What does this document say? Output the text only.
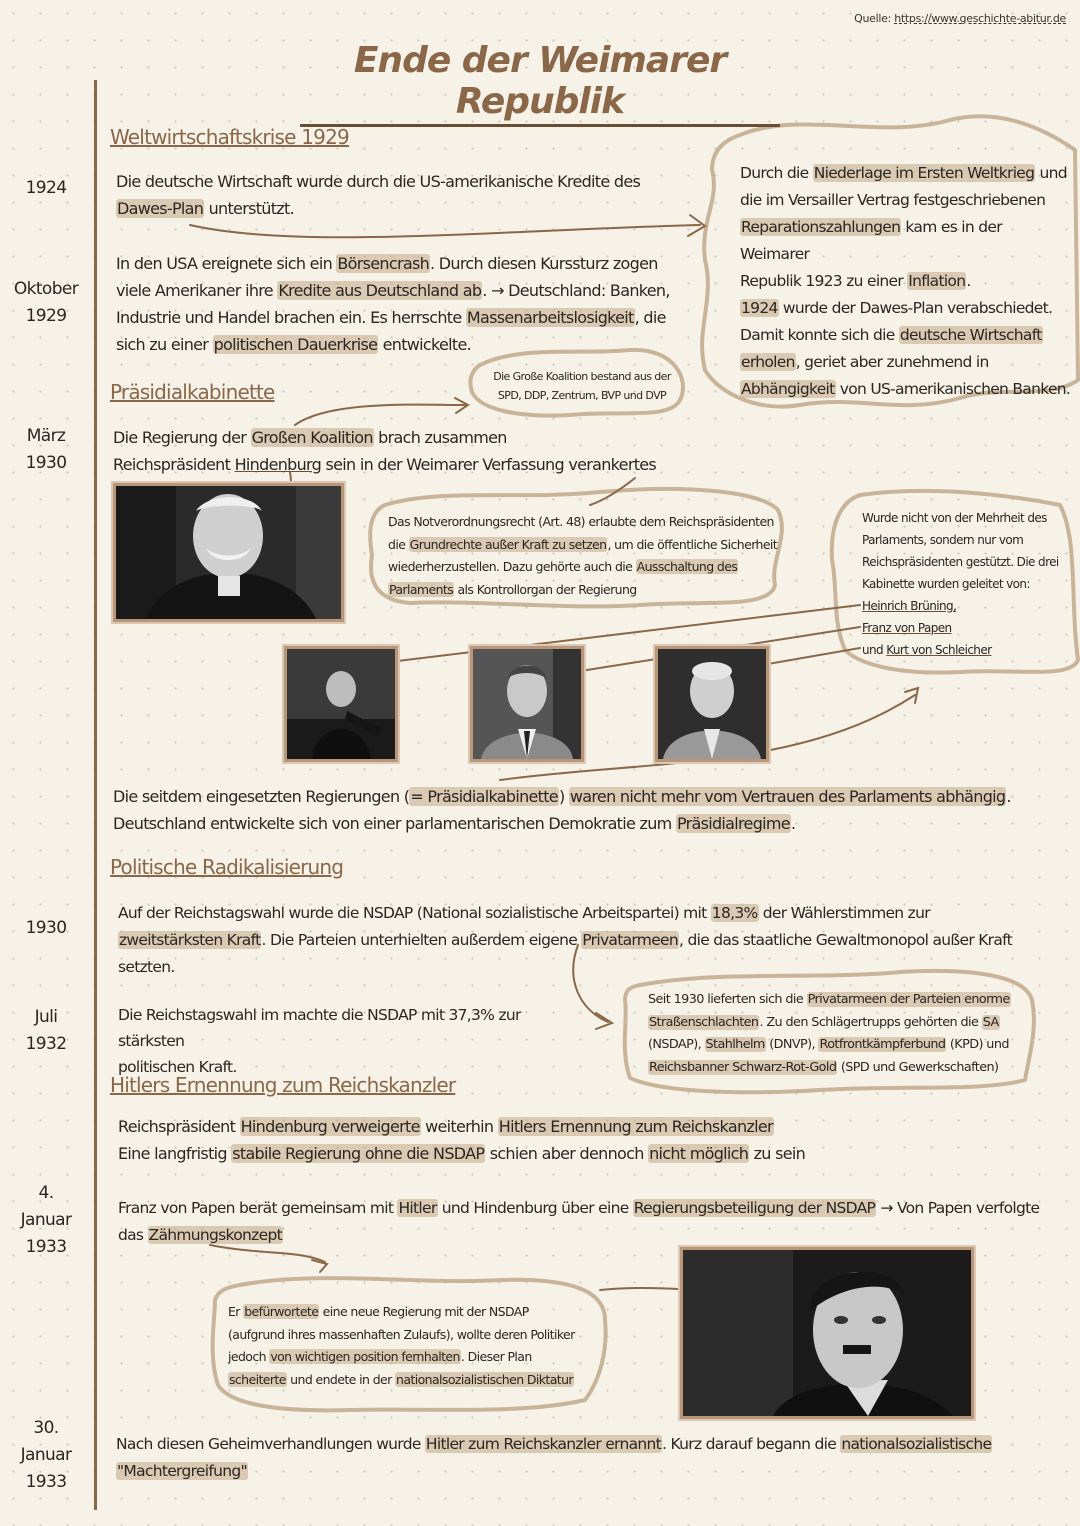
Quelle: https://www.geschichte-abitur.de
Ende der Weimarer Republik
1924
Oktober
1929
März
1930
1930
Juli
1932
4.
Januar
1933
30.
Januar
1933
Weltwirtschaftskrise 1929
Die deutsche Wirtschaft wurde durch die US-amerikanische Kredite des
Dawes-Plan unterstützt.
In den USA ereignete sich ein Börsencrash. Durch diesen Kurssturz zogen
viele Amerikaner ihre Kredite aus Deutschland ab. → Deutschland: Banken,
Industrie und Handel brachen ein. Es herrschte Massenarbeitslosigkeit, die
sich zu einer politischen Dauerkrise entwickelte.
Durch die Niederlage im Ersten Weltkrieg und
die im Versailler Vertrag festgeschriebenen
Reparationszahlungen kam es in der Weimarer
Republik 1923 zu einer Inflation.
1924 wurde der Dawes-Plan verabschiedet.
Damit konnte sich die deutsche Wirtschaft
erholen, geriet aber zunehmend in
Abhängigkeit von US-amerikanischen Banken.
Präsidialkabinette
Die Große Koalition bestand aus der
SPD, DDP, Zentrum, BVP und DVP
Die Regierung der Großen Koalition brach zusammen
Reichspräsident Hindenburg sein in der Weimarer Verfassung verankertes
Das Notverordnungsrecht (Art. 48) erlaubte dem Reichspräsidenten
die Grundrechte außer Kraft zu setzen, um die öffentliche Sicherheit
wiederherzustellen. Dazu gehörte auch die Ausschaltung des
Parlaments als Kontrollorgan der Regierung
Wurde nicht von der Mehrheit des
Parlaments, sondern nur vom
Reichspräsidenten gestützt. Die drei
Kabinette wurden geleitet von:
Heinrich Brüning,
Franz von Papen
und Kurt von Schleicher
Die seitdem eingesetzten Regierungen (= Präsidialkabinette) waren nicht mehr vom Vertrauen des Parlaments abhängig.
Deutschland entwickelte sich von einer parlamentarischen Demokratie zum Präsidialregime.
Politische Radikalisierung
Auf der Reichstagswahl wurde die NSDAP (National sozialistische Arbeitspartei) mit 18,3% der Wählerstimmen zur
zweitstärksten Kraft. Die Parteien unterhielten außerdem eigene Privatarmeen, die das staatliche Gewaltmonopol außer Kraft
setzten.
Die Reichstagswahl im machte die NSDAP mit 37,3% zur stärksten
politischen Kraft.
Seit 1930 lieferten sich die Privatarmeen der Parteien enorme
Straßenschlachten. Zu den Schlägertrupps gehörten die SA
(NSDAP), Stahlhelm (DNVP), Rotfrontkämpferbund (KPD) und
Reichsbanner Schwarz-Rot-Gold (SPD und Gewerkschaften)
Hitlers Ernennung zum Reichskanzler
Reichspräsident Hindenburg verweigerte weiterhin Hitlers Ernennung zum Reichskanzler
Eine langfristig stabile Regierung ohne die NSDAP schien aber dennoch nicht möglich zu sein
Franz von Papen berät gemeinsam mit Hitler und Hindenburg über eine Regierungsbeteiligung der NSDAP → Von Papen verfolgte
das Zähmungskonzept
Er befürwortete eine neue Regierung mit der NSDAP
(aufgrund ihres massenhaften Zulaufs), wollte deren Politiker
jedoch von wichtigen position fernhalten. Dieser Plan
scheiterte und endete in der nationalsozialistischen Diktatur
Nach diesen Geheimverhandlungen wurde Hitler zum Reichskanzler ernannt. Kurz darauf begann die nationalsozialistische
"Machtergreifung"
